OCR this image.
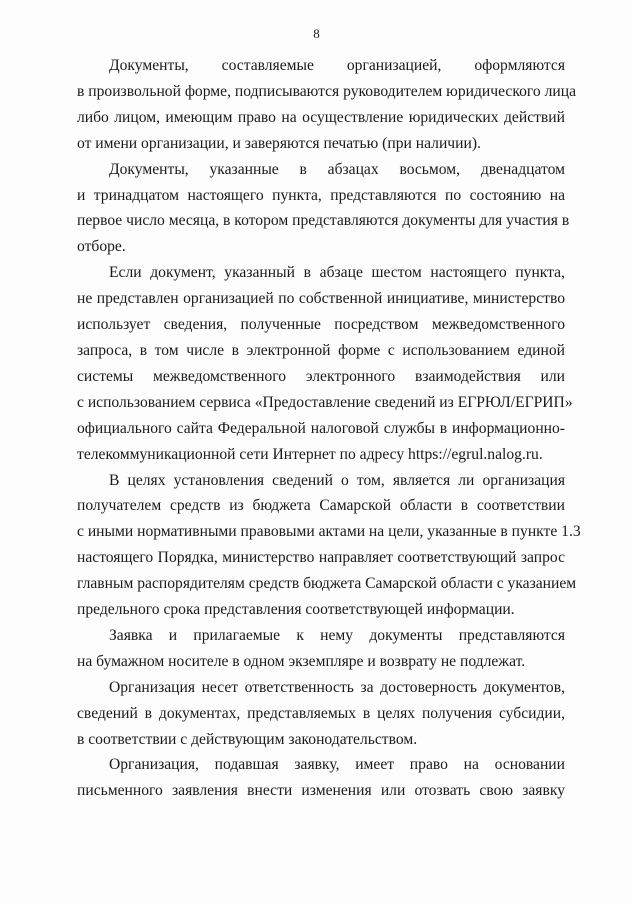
8
Документы, составляемые организацией, оформляются
в произвольной форме, подписываются руководителем юридического лица
либо лицом, имеющим право на осуществление юридических действий
от имени организации, и заверяются печатью (при наличии).
Документы, указанные в абзацах восьмом, двенадцатом
и тринадцатом настоящего пункта, представляются по состоянию на
первое число месяца, в котором представляются документы для участия в
отборе.
Если документ, указанный в абзаце шестом настоящего пункта,
не представлен организацией по собственной инициативе, министерство
использует сведения, полученные посредством межведомственного
запроса, в том числе в электронной форме с использованием единой
системы межведомственного электронного взаимодействия или
с использованием сервиса «Предоставление сведений из ЕГРЮЛ/ЕГРИП»
официального сайта Федеральной налоговой службы в информационно-
телекоммуникационной сети Интернет по адресу https://egrul.nalog.ru.
В целях установления сведений о том, является ли организация
получателем средств из бюджета Самарской области в соответствии
с иными нормативными правовыми актами на цели, указанные в пункте 1.3
настоящего Порядка, министерство направляет соответствующий запрос
главным распорядителям средств бюджета Самарской области с указанием
предельного срока представления соответствующей информации.
Заявка и прилагаемые к нему документы представляются
на бумажном носителе в одном экземпляре и возврату не подлежат.
Организация несет ответственность за достоверность документов,
сведений в документах, представляемых в целях получения субсидии,
в соответствии с действующим законодательством.
Организация, подавшая заявку, имеет право на основании
письменного заявления внести изменения или отозвать свою заявку
